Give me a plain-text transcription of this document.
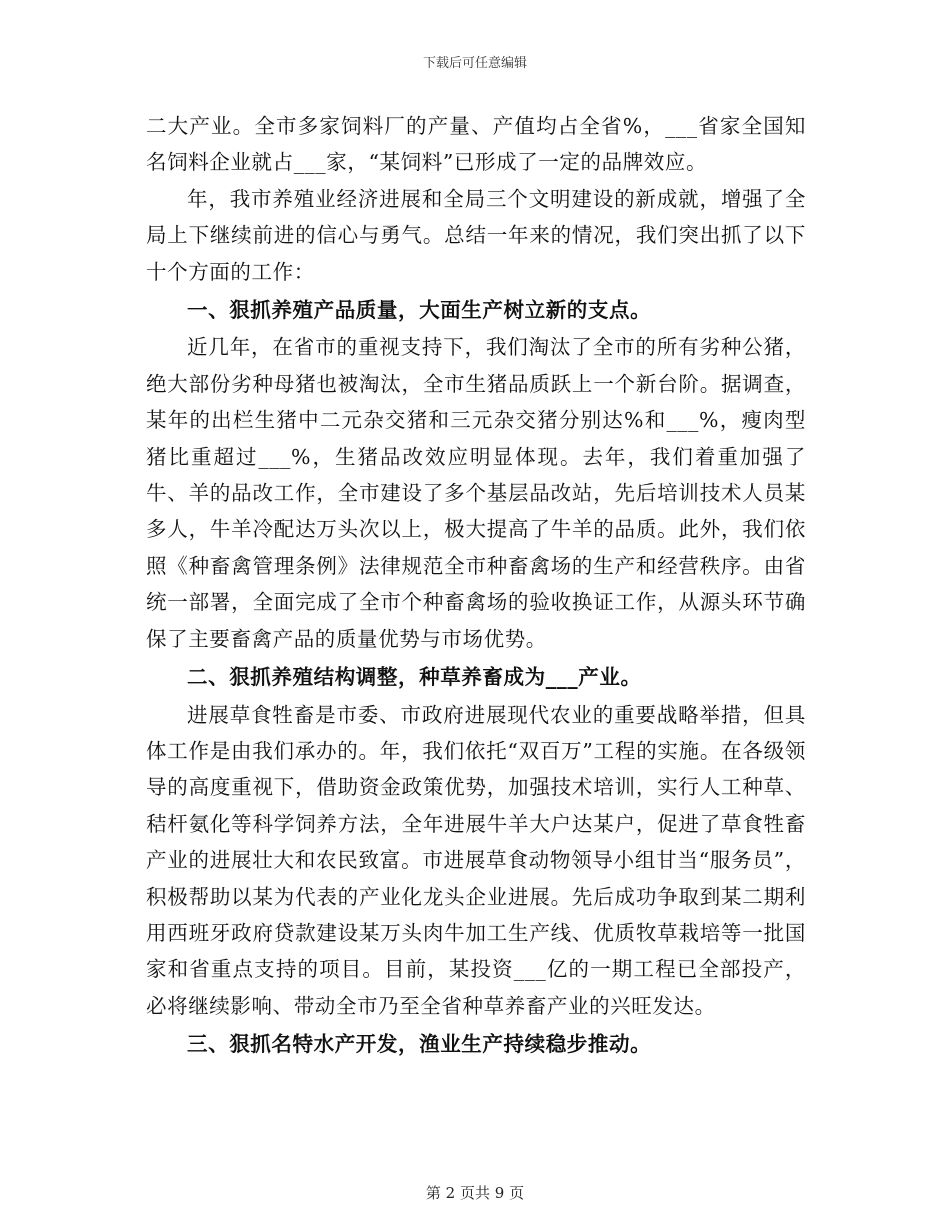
下载后可任意编辑

二大产业。全市多家饲料厂的产量、产值均占全省%，___省家全国知名饲料企业就占___家，“某饲料”已形成了一定的品牌效应。

年，我市养殖业经济进展和全局三个文明建设的新成就，增强了全局上下继续前进的信心与勇气。总结一年来的情况，我们突出抓了以下十个方面的工作：

一、狠抓养殖产品质量，大面生产树立新的支点。

近几年，在省市的重视支持下，我们淘汰了全市的所有劣种公猪，绝大部份劣种母猪也被淘汰，全市生猪品质跃上一个新台阶。据调查，某年的出栏生猪中二元杂交猪和三元杂交猪分别达%和___%，瘦肉型猪比重超过___%，生猪品改效应明显体现。去年，我们着重加强了牛、羊的品改工作，全市建设了多个基层品改站，先后培训技术人员某多人，牛羊冷配达万头次以上，极大提高了牛羊的品质。此外，我们依照《种畜禽管理条例》法律规范全市种畜禽场的生产和经营秩序。由省统一部署，全面完成了全市个种畜禽场的验收换证工作，从源头环节确保了主要畜禽产品的质量优势与市场优势。

二、狠抓养殖结构调整，种草养畜成为___产业。

进展草食牲畜是市委、市政府进展现代农业的重要战略举措，但具体工作是由我们承办的。年，我们依托“双百万”工程的实施。在各级领导的高度重视下，借助资金政策优势，加强技术培训，实行人工种草、秸杆氨化等科学饲养方法，全年进展牛羊大户达某户，促进了草食牲畜产业的进展壮大和农民致富。市进展草食动物领导小组甘当“服务员”，积极帮助以某为代表的产业化龙头企业进展。先后成功争取到某二期利用西班牙政府贷款建设某万头肉牛加工生产线、优质牧草栽培等一批国家和省重点支持的项目。目前，某投资___亿的一期工程已全部投产，必将继续影响、带动全市乃至全省种草养畜产业的兴旺发达。

三、狠抓名特水产开发，渔业生产持续稳步推动。

第 2 页共 9 页
